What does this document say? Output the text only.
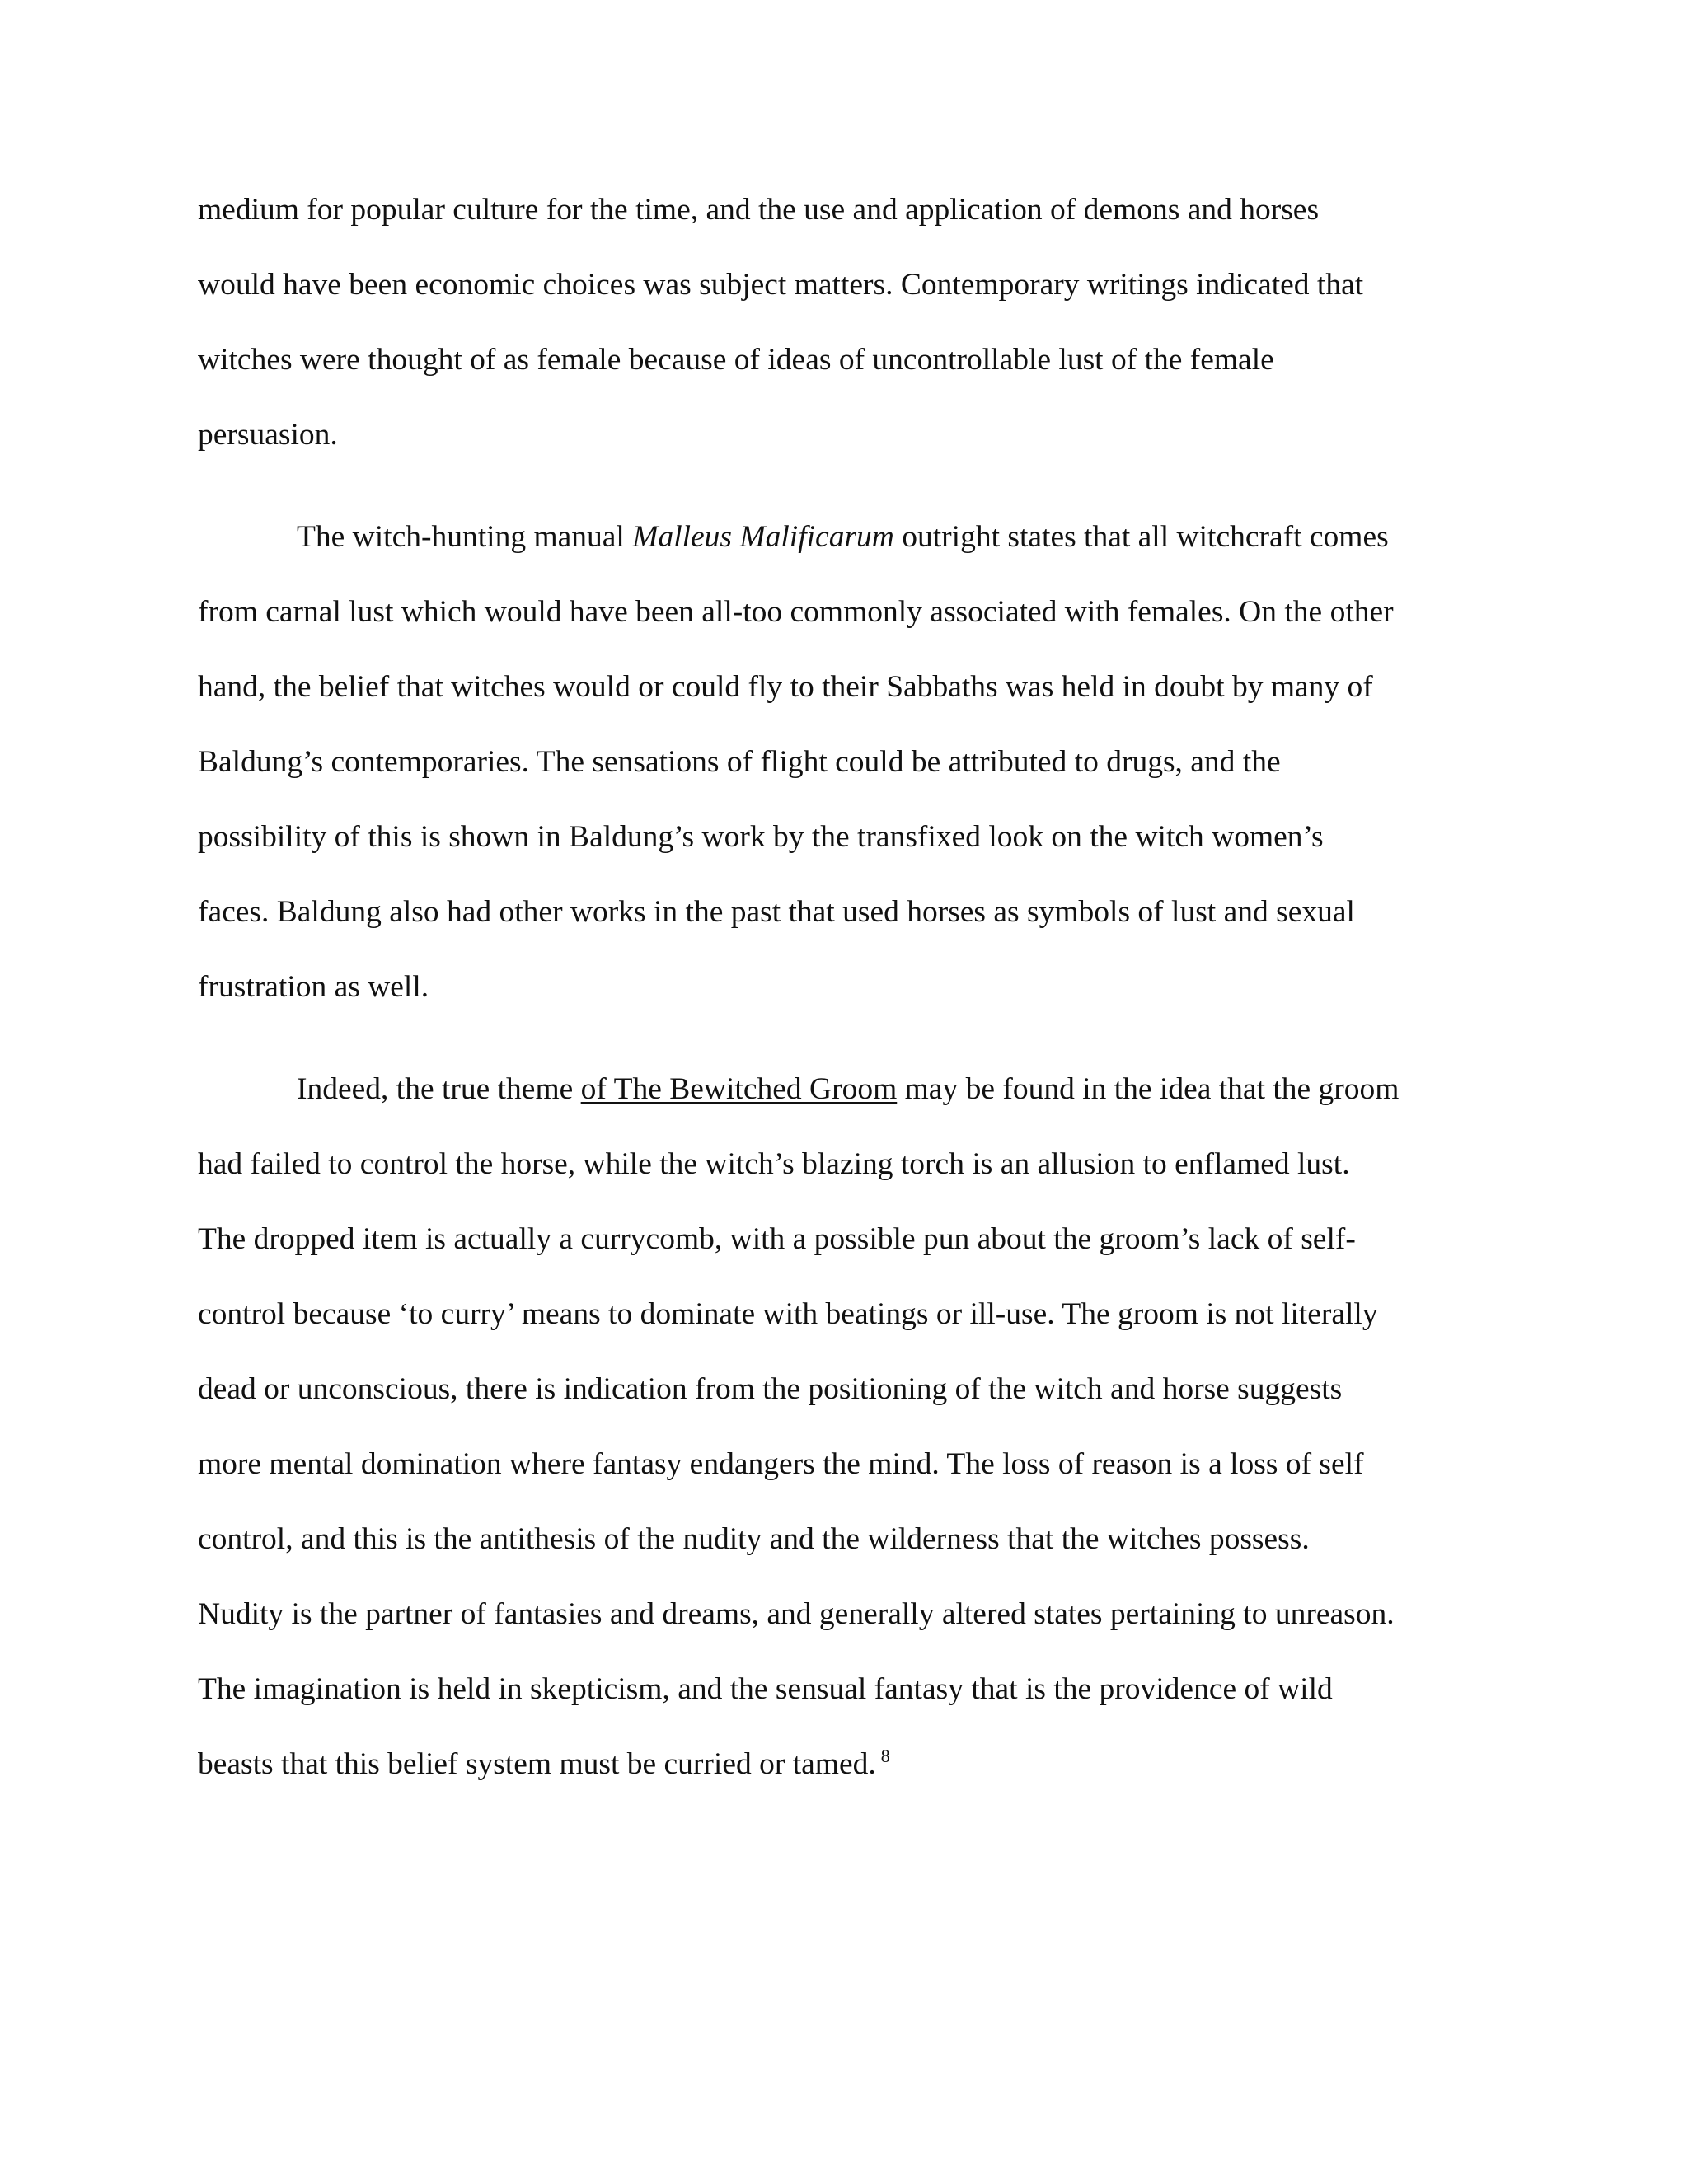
medium for popular culture for the time, and the use and application of demons and horses
would have been economic choices was subject matters. Contemporary writings indicated that
witches were thought of as female because of ideas of uncontrollable lust of the female
persuasion.
The witch-hunting manual Malleus Malificarum outright states that all witchcraft comes
from carnal lust which would have been all-too commonly associated with females. On the other
hand, the belief that witches would or could fly to their Sabbaths was held in doubt by many of
Baldung’s contemporaries. The sensations of flight could be attributed to drugs, and the
possibility of this is shown in Baldung’s work by the transfixed look on the witch women’s
faces. Baldung also had other works in the past that used horses as symbols of lust and sexual
frustration as well.
Indeed, the true theme of The Bewitched Groom may be found in the idea that the groom
had failed to control the horse, while the witch’s blazing torch is an allusion to enflamed lust.
The dropped item is actually a currycomb, with a possible pun about the groom’s lack of self-
control because ‘to curry’ means to dominate with beatings or ill-use. The groom is not literally
dead or unconscious, there is indication from the positioning of the witch and horse suggests
more mental domination where fantasy endangers the mind. The loss of reason is a loss of self
control, and this is the antithesis of the nudity and the wilderness that the witches possess.
Nudity is the partner of fantasies and dreams, and generally altered states pertaining to unreason.
The imagination is held in skepticism, and the sensual fantasy that is the providence of wild
beasts that this belief system must be curried or tamed. $^8$
